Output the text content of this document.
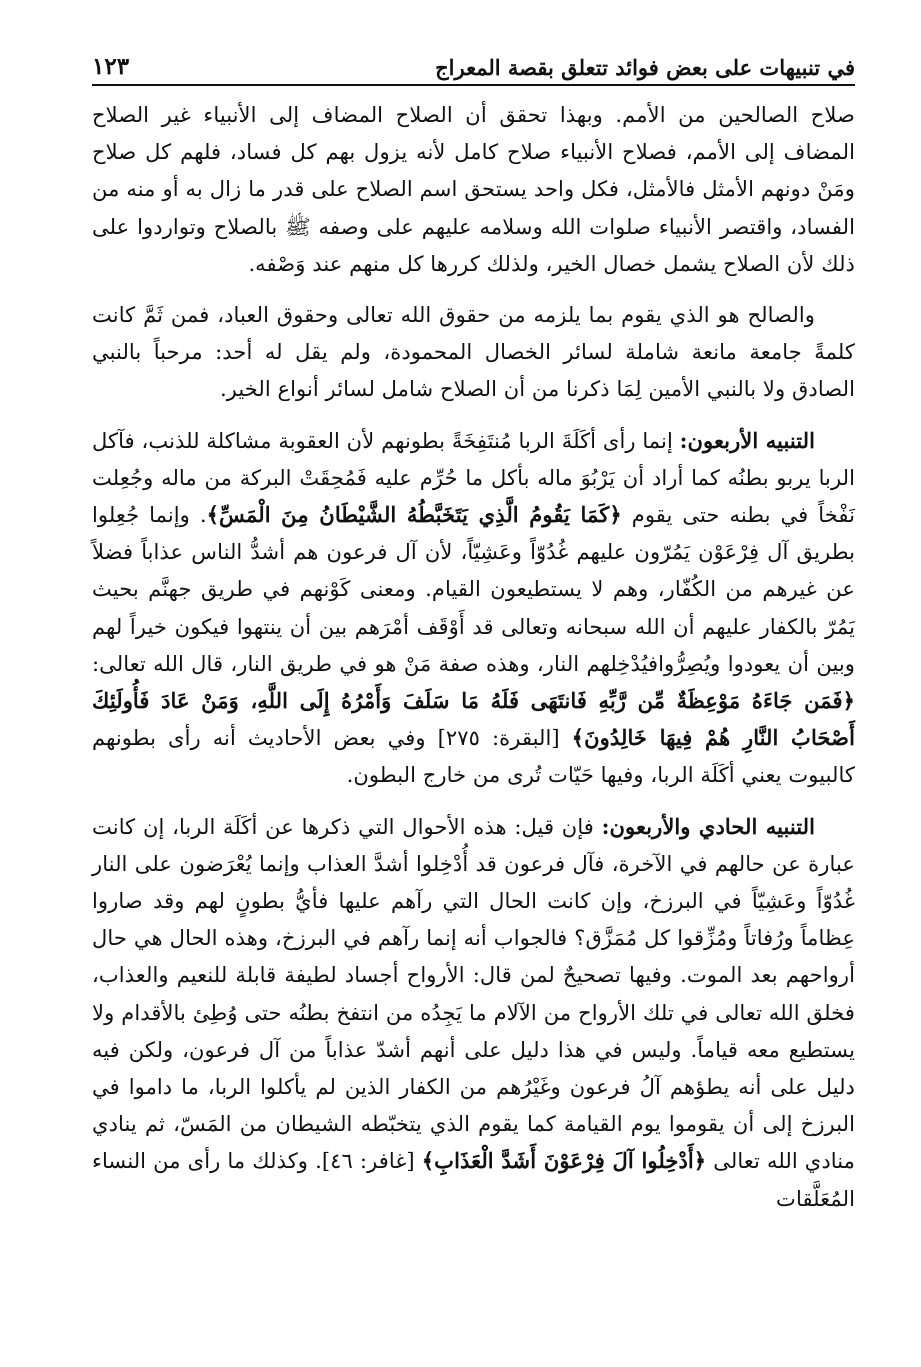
في تنبيهات على بعض فوائد تتعلق بقصة المعراج
١٢٣

صلاح الصالحين من الأمم. وبهذا تحقق أن الصلاح المضاف إلى الأنبياء غير الصلاح المضاف إلى الأمم، فصلاح الأنبياء صلاح كامل لأنه يزول بهم كل فساد، فلهم كل صلاح ومَنْ دونهم الأمثل فالأمثل، فكل واحد يستحق اسم الصلاح على قدر ما زال به أو منه من الفساد، واقتصر الأنبياء صلوات الله وسلامه عليهم على وصفه ﷺ بالصلاح وتواردوا على ذلك لأن الصلاح يشمل خصال الخير، ولذلك كررها كل منهم عند وَصْفه.

والصالح هو الذي يقوم بما يلزمه من حقوق الله تعالى وحقوق العباد، فمن ثَمَّ كانت كلمةً جامعة مانعة شاملة لسائر الخصال المحمودة، ولم يقل له أحد: مرحباً بالنبي الصادق ولا بالنبي الأمين لِمَا ذكرنا من أن الصلاح شامل لسائر أنواع الخير.

التنبيه الأربعون: إنما رأى أكَلَةَ الربا مُنتَفِخَةً بطونهم لأن العقوبة مشاكلة للذنب، فآكل الربا يربو بطنُه كما أراد أن يَرْبُوَ ماله بأكل ما حُرِّم عليه فَمُحِقَتْ البركة من ماله وجُعِلت نَفْخاً في بطنه حتى يقوم ﴿كَمَا يَقُومُ الَّذِي يَتَخَبَّطُهُ الشَّيْطَانُ مِنَ الْمَسِّ﴾. وإنما جُعِلوا بطريق آل فِرْعَوْن يَمُرّون عليهم غُدُوّاً وعَشِيّاً، لأن آل فرعون هم أشدُّ الناس عذاباً فضلاً عن غيرهم من الكُفّار، وهم لا يستطيعون القيام. ومعنى كَوْنهم في طريق جهنَّم بحيث يَمُرّ بالكفار عليهم أن الله سبحانه وتعالى قد أَوْقَف أمْرَهم بين أن ينتهوا فيكون خيراً لهم وبين أن يعودوا ويُصِرُّوافيُدْخِلهم النار، وهذه صفة مَنْ هو في طريق النار، قال الله تعالى: ﴿فَمَن جَاءَهُ مَوْعِظَةٌ مِّن رَّبِّهِ فَانتَهَى فَلَهُ مَا سَلَفَ وَأَمْرُهُ إِلَى اللَّهِ، وَمَنْ عَادَ فَأُولَئِكَ أَصْحَابُ النَّارِ هُمْ فِيهَا خَالِدُونَ﴾ [البقرة: ٢٧٥] وفي بعض الأحاديث أنه رأى بطونهم كالبيوت يعني أكَلَة الربا، وفيها حَيّات تُرى من خارج البطون.

التنبيه الحادي والأربعون: فإن قيل: هذه الأحوال التي ذكرها عن أكَلَة الربا، إن كانت عبارة عن حالهم في الآخرة، فآل فرعون قد أُدْخِلوا أشدَّ العذاب وإنما يُعْرَضون على النار غُدُوّاً وعَشِيّاً في البرزخ، وإن كانت الحال التي رآهم عليها فأيُّ بطونٍ لهم وقد صاروا عِظاماً ورُفاتاً ومُزِّقوا كل مُمَزَّق؟ فالجواب أنه إنما رآهم في البرزخ، وهذه الحال هي حال أرواحهم بعد الموت. وفيها تصحيحٌ لمن قال: الأرواح أجساد لطيفة قابلة للنعيم والعذاب، فخلق الله تعالى في تلك الأرواح من الآلام ما يَجِدُه من انتفخ بطنُه حتى وُطِئ بالأقدام ولا يستطيع معه قياماً. وليس في هذا دليل على أنهم أشدّ عذاباً من آل فرعون، ولكن فيه دليل على أنه يطؤهم آلُ فرعون وغَيْرُهم من الكفار الذين لم يأكلوا الربا، ما داموا في البرزخ إلى أن يقوموا يوم القيامة كما يقوم الذي يتخبّطه الشيطان من المَسّ، ثم ينادي منادي الله تعالى ﴿أَدْخِلُوا آلَ فِرْعَوْنَ أَشَدَّ الْعَذَابِ﴾ [غافر: ٤٦]. وكذلك ما رأى من النساء المُعَلَّقات
